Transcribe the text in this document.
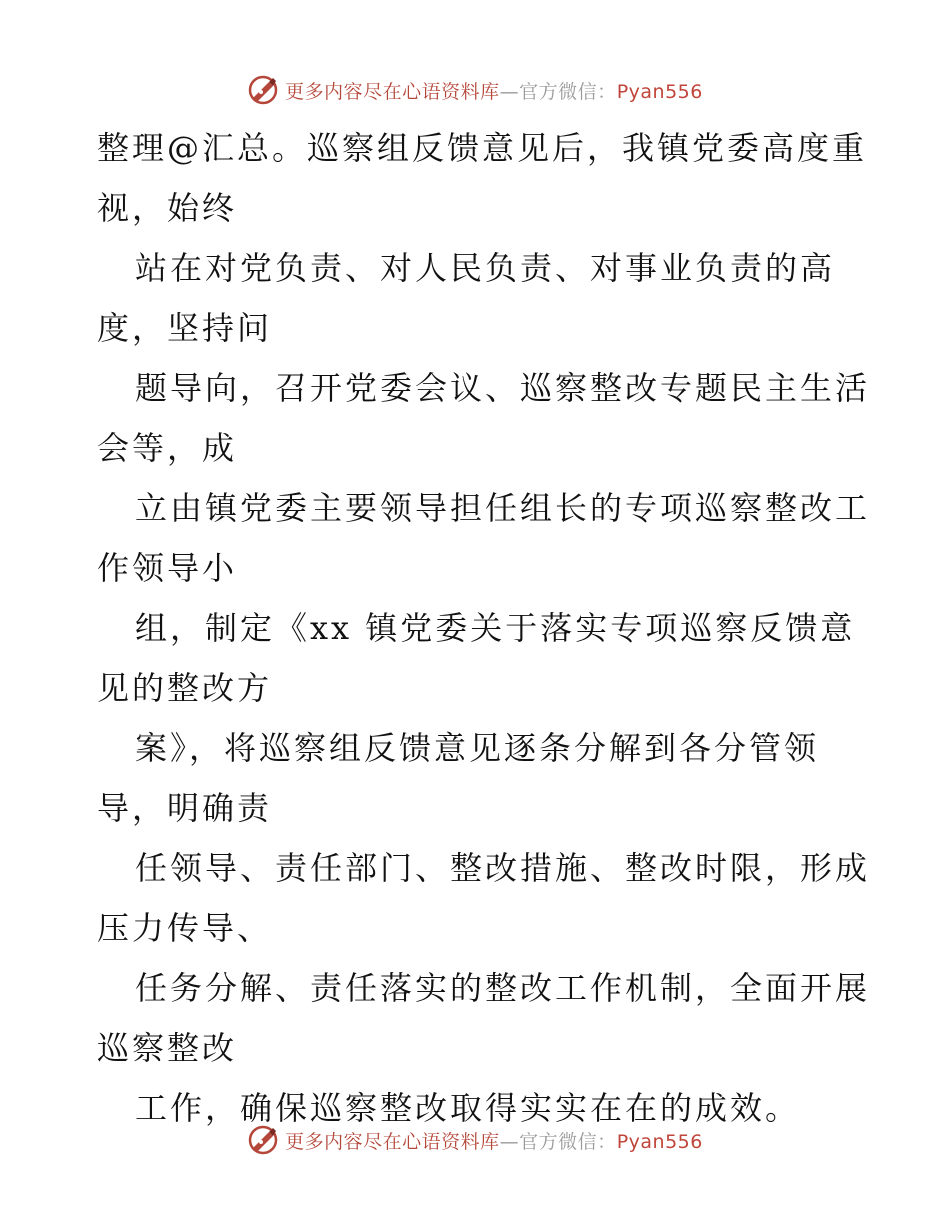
更多内容尽在心语资料库—官方微信：Pyan556
整理@汇总。巡察组反馈意见后，我镇党委高度重
视，始终
站在对党负责、对人民负责、对事业负责的高
度，坚持问
题导向，召开党委会议、巡察整改专题民主生活
会等，成
立由镇党委主要领导担任组长的专项巡察整改工
作领导小
组，制定《xx 镇党委关于落实专项巡察反馈意
见的整改方
案》，将巡察组反馈意见逐条分解到各分管领
导，明确责
任领导、责任部门、整改措施、整改时限，形成
压力传导、
任务分解、责任落实的整改工作机制，全面开展
巡察整改
工作，确保巡察整改取得实实在在的成效。
更多内容尽在心语资料库—官方微信：Pyan556
